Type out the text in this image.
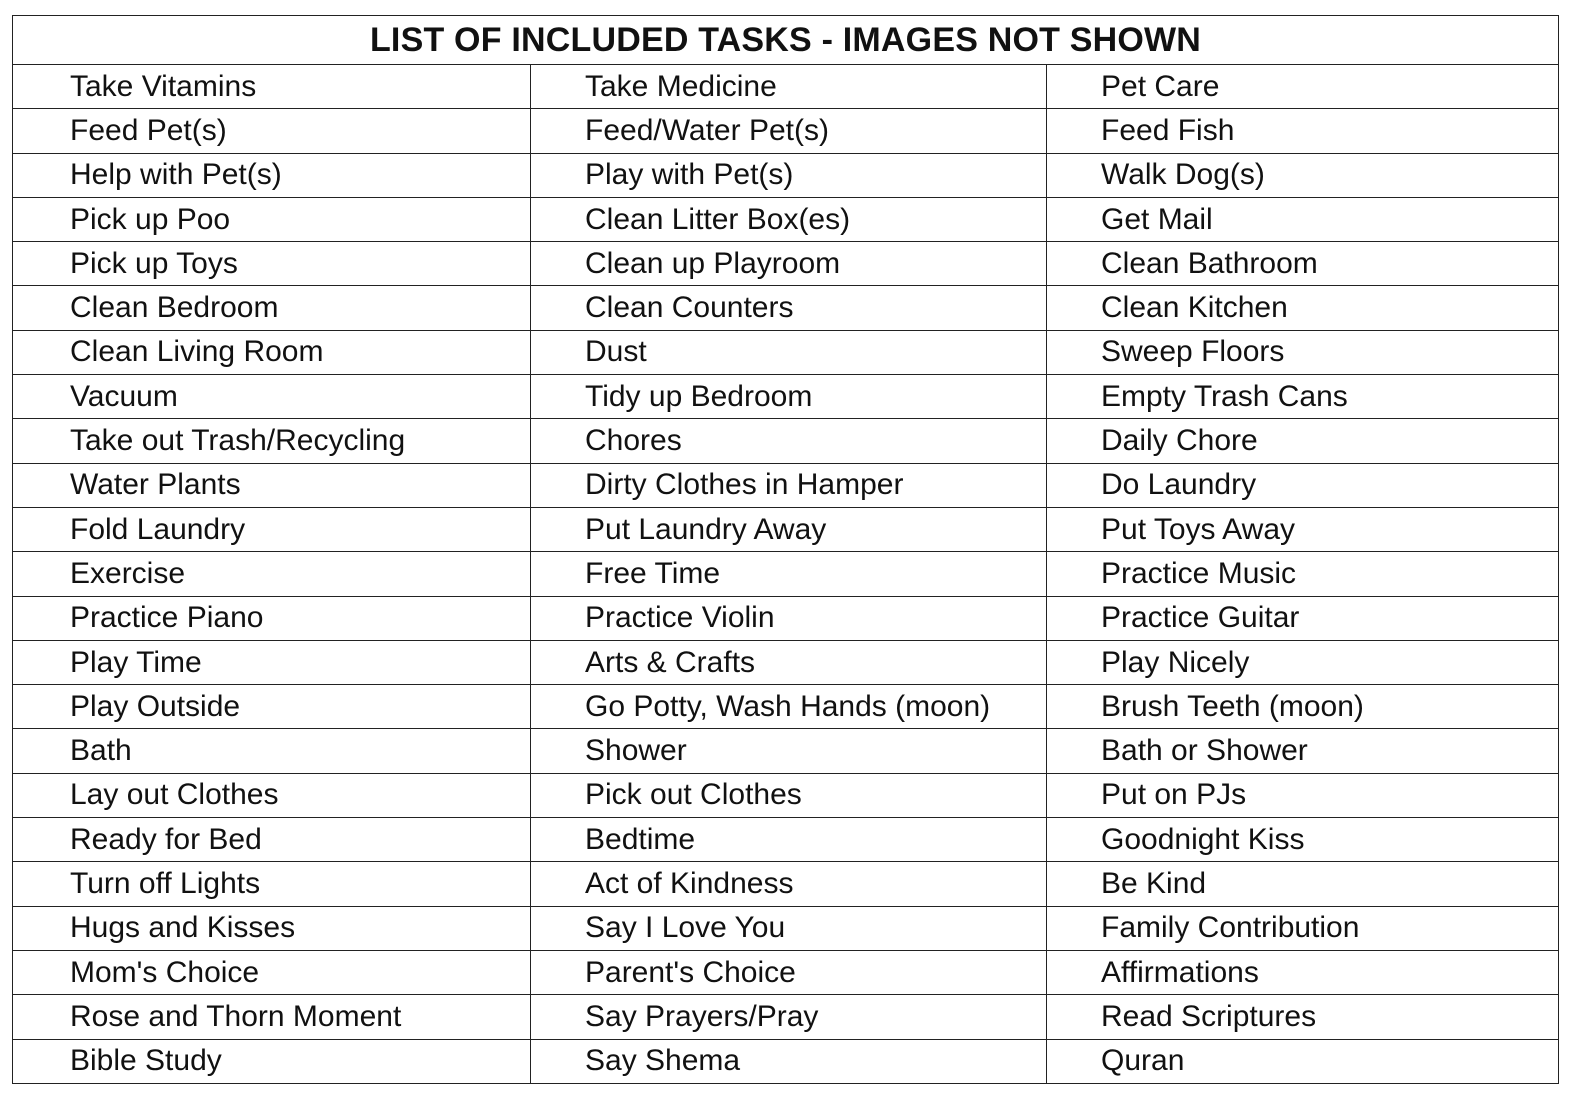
LIST OF INCLUDED TASKS - IMAGES NOT SHOWN		
Take Vitamins	Take Medicine	Pet Care
Feed Pet(s)	Feed/Water Pet(s)	Feed Fish
Help with Pet(s)	Play with Pet(s)	Walk Dog(s)
Pick up Poo	Clean Litter Box(es)	Get Mail
Pick up Toys	Clean up Playroom	Clean Bathroom
Clean Bedroom	Clean Counters	Clean Kitchen
Clean Living Room	Dust	Sweep Floors
Vacuum	Tidy up Bedroom	Empty Trash Cans
Take out Trash/Recycling	Chores	Daily Chore
Water Plants	Dirty Clothes in Hamper	Do Laundry
Fold Laundry	Put Laundry Away	Put Toys Away
Exercise	Free Time	Practice Music
Practice Piano	Practice Violin	Practice Guitar
Play Time	Arts & Crafts	Play Nicely
Play Outside	Go Potty, Wash Hands (moon)	Brush Teeth (moon)
Bath	Shower	Bath or Shower
Lay out Clothes	Pick out Clothes	Put on PJs
Ready for Bed	Bedtime	Goodnight Kiss
Turn off Lights	Act of Kindness	Be Kind
Hugs and Kisses	Say I Love You	Family Contribution
Mom's Choice	Parent's Choice	Affirmations
Rose and Thorn Moment	Say Prayers/Pray	Read Scriptures
Bible Study	Say Shema	Quran
